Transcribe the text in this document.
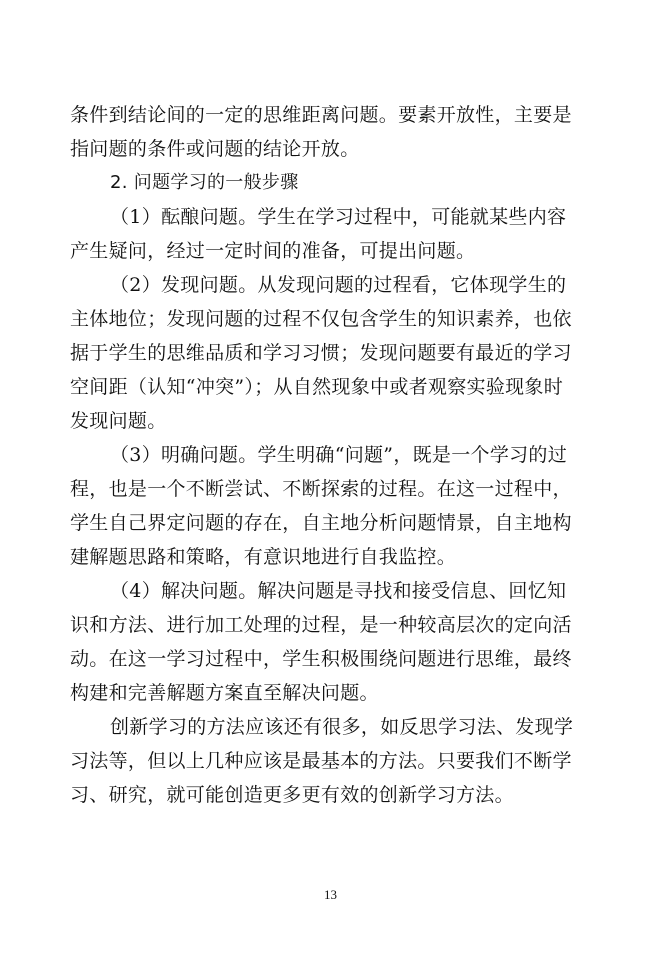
条件到结论间的一定的思维距离问题。要素开放性，主要是
指问题的条件或问题的结论开放。
2. 问题学习的一般步骤
（1）酝酿问题。学生在学习过程中，可能就某些内容
产生疑问，经过一定时间的准备，可提出问题。
（2）发现问题。从发现问题的过程看，它体现学生的
主体地位；发现问题的过程不仅包含学生的知识素养，也依
据于学生的思维品质和学习习惯；发现问题要有最近的学习
空间距（认知“冲突”）；从自然现象中或者观察实验现象时
发现问题。
（3）明确问题。学生明确“问题”，既是一个学习的过
程，也是一个不断尝试、不断探索的过程。在这一过程中，
学生自己界定问题的存在，自主地分析问题情景，自主地构
建解题思路和策略，有意识地进行自我监控。
（4）解决问题。解决问题是寻找和接受信息、回忆知
识和方法、进行加工处理的过程，是一种较高层次的定向活
动。在这一学习过程中，学生积极围绕问题进行思维，最终
构建和完善解题方案直至解决问题。
创新学习的方法应该还有很多，如反思学习法、发现学
习法等，但以上几种应该是最基本的方法。只要我们不断学
习、研究，就可能创造更多更有效的创新学习方法。
13
